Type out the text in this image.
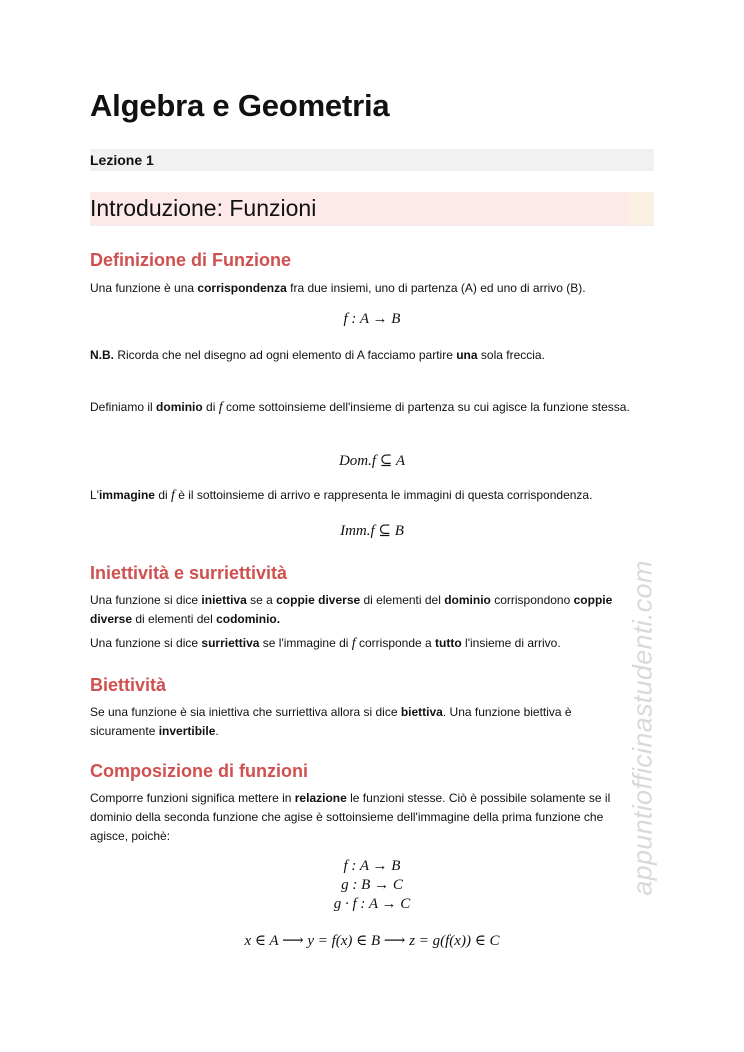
Algebra e Geometria
Lezione 1
Introduzione: Funzioni
Definizione di Funzione

Una funzione è una corrispondenza fra due insiemi, uno di partenza (A) ed uno di arrivo (B).

f : A → B

N.B. Ricorda che nel disegno ad ogni elemento di A facciamo partire una sola freccia.

Definiamo il dominio di f come sottoinsieme dell'insieme di partenza su cui agisce la funzione stessa.

Dom.f ⊆ A

L'immagine di f è il sottoinsieme di arrivo e rappresenta le immagini di questa corrispondenza.

Imm.f ⊆ B
Iniettività e surriettività

Una funzione si dice iniettiva se a coppie diverse di elementi del dominio corrispondono coppie diverse di elementi del codominio.

Una funzione si dice surriettiva se l'immagine di f corrisponde a tutto l'insieme di arrivo.

Biettività

Se una funzione è sia iniettiva che surriettiva allora si dice biettiva. Una funzione biettiva è sicuramente invertibile.

Composizione di funzioni

Comporre funzioni significa mettere in relazione le funzioni stesse. Ciò è possibile solamente se il dominio della seconda funzione che agise è sottoinsieme dell'immagine della prima funzione che agisce, poichè:

f : A → B
g : B → C
g · f : A → C
x ∈ A ⟶ y = f(x) ∈ B ⟶ z = g(f(x)) ∈ C
appuntiofficinastudenti.com
